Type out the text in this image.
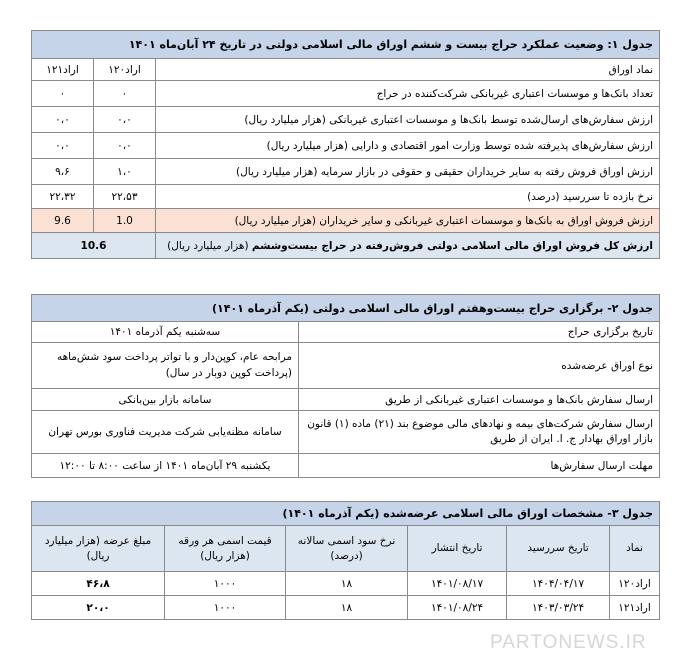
جدول ۱: وضعیت عملکرد حراج بیست و ششم اوراق مالی اسلامی دولتی در تاریخ ۲۴ آبان‌ماه ۱۴۰۱		
نماد اوراق	اراد۱۲۰	اراد۱۲۱
تعداد بانک‌ها و موسسات اعتباری غیربانکی شرکت‌کننده در حراج	۰	۰
ارزش سفارش‌های ارسال‌شده توسط بانک‌ها و موسسات اعتباری غیربانکی (هزار میلیارد ریال)	۰،۰	۰،۰
ارزش سفارش‌های پذیرفته شده توسط وزارت امور اقتصادی و دارایی (هزار میلیارد ریال)	۰،۰	۰،۰
ارزش اوراق فروش رفته به سایر خریداران حقیقی و حقوقی در بازار سرمایه (هزار میلیارد ریال)	۱،۰	۹،۶
نرخ بازده تا سررسید (درصد)	۲۲،۵۳	۲۲،۳۲
ارزش فروش اوراق به بانک‌ها و موسسات اعتباری غیربانکی و سایر خریداران (هزار میلیارد ریال)	1.0	9.6
ارزش کل فروش اوراق مالی اسلامی دولتی فروش‌رفته در حراج بیست‌وششم (هزار میلیارد ریال)	10.6	
جدول ۲- برگزاری حراج بیست‌وهفتم اوراق مالی اسلامی دولتی (یکم آذرماه ۱۴۰۱)	
تاریخ برگزاری حراج	سه‌شنبه یکم آذرماه ۱۴۰۱
نوع اوراق عرضه‌شده	مرابحه عام، کوپن‌دار و با تواتر پرداخت سود شش‌ماهه (پرداخت کوپن دوبار در سال)
ارسال سفارش بانک‌ها و موسسات اعتباری غیربانکی از طریق	سامانه بازار بین‌بانکی
ارسال سفارش شرکت‌های بیمه و نهادهای مالی موضوع بند (۲۱) ماده (۱) قانون بازار اوراق بهادار ج. ا. ایران از طریق	سامانه مظنه‌یابی شرکت مدیریت فناوری بورس تهران
مهلت ارسال سفارش‌ها	یکشنبه ۲۹ آبان‌ماه ۱۴۰۱ از ساعت ۸:۰۰ تا ۱۲:۰۰
جدول ۳- مشخصات اوراق مالی اسلامی عرضه‌شده (یکم آذرماه ۱۴۰۱)					
نماد	تاریخ سررسید	تاریخ انتشار	نرخ سود اسمی سالانه (درصد)	قیمت اسمی هر ورقه (هزار ریال)	مبلغ عرضه (هزار میلیارد ریال)
اراد۱۲۰	۱۴۰۴/۰۴/۱۷	۱۴۰۱/۰۸/۱۷	۱۸	۱۰۰۰	۴۶،۸
اراد۱۲۱	۱۴۰۳/۰۳/۲۴	۱۴۰۱/۰۸/۲۴	۱۸	۱۰۰۰	۲۰،۰
PARTONEWS.IR
